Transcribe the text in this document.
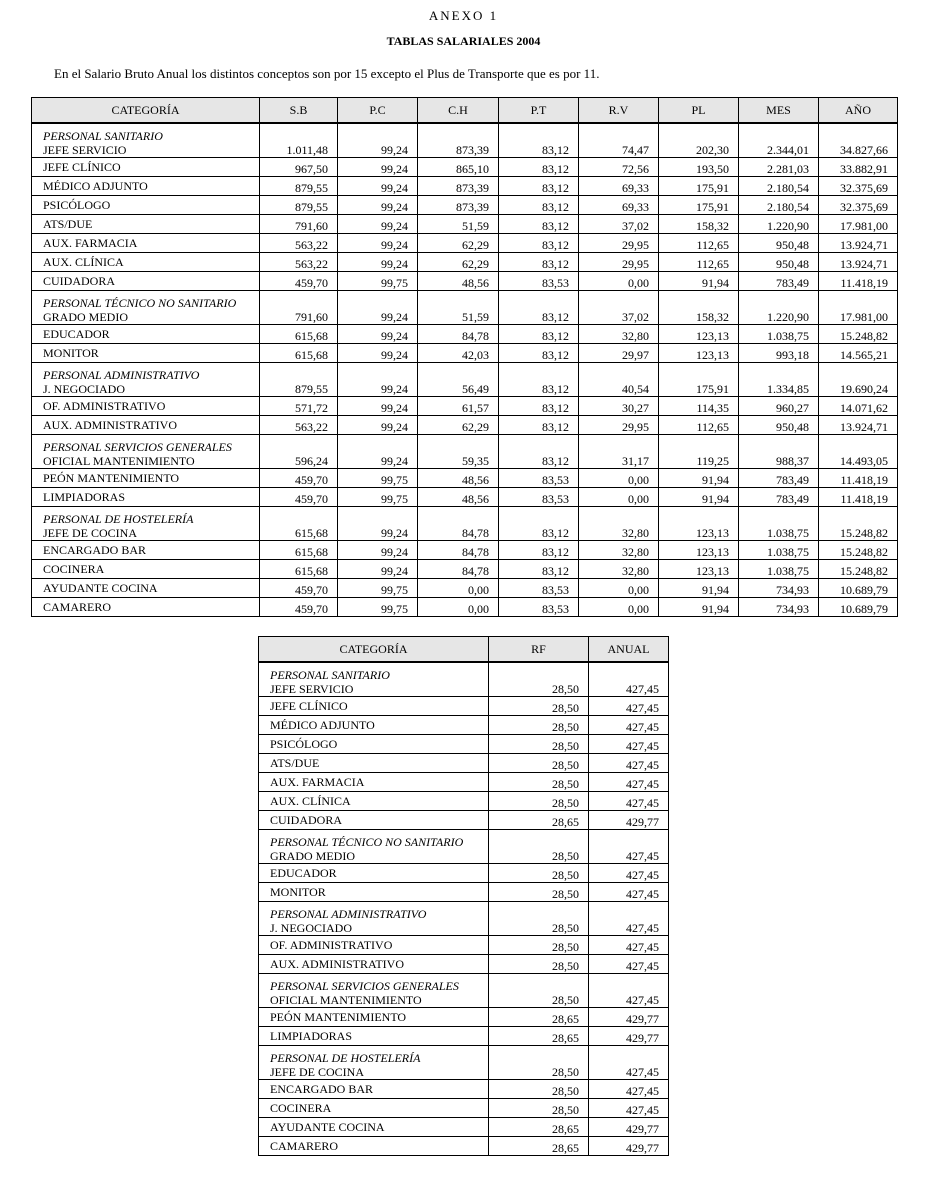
ANEXO 1
TABLAS SALARIALES 2004
En el Salario Bruto Anual los distintos conceptos son por 15 excepto el Plus de Transporte que es por 11.
CATEGORÍA	S.B	P.C	C.H	P.T	R.V	PL	MES	AÑO

PERSONAL SANITARIO
JEFE SERVICIO	1.011,48	99,24	873,39	83,12	74,47	202,30	2.344,01	34.827,66
JEFE CLÍNICO	967,50	99,24	865,10	83,12	72,56	193,50	2.281,03	33.882,91
MÉDICO ADJUNTO	879,55	99,24	873,39	83,12	69,33	175,91	2.180,54	32.375,69
PSICÓLOGO	879,55	99,24	873,39	83,12	69,33	175,91	2.180,54	32.375,69
ATS/DUE	791,60	99,24	51,59	83,12	37,02	158,32	1.220,90	17.981,00
AUX. FARMACIA	563,22	99,24	62,29	83,12	29,95	112,65	950,48	13.924,71
AUX. CLÍNICA	563,22	99,24	62,29	83,12	29,95	112,65	950,48	13.924,71
CUIDADORA	459,70	99,75	48,56	83,53	0,00	91,94	783,49	11.418,19

PERSONAL TÉCNICO NO SANITARIO
GRADO MEDIO	791,60	99,24	51,59	83,12	37,02	158,32	1.220,90	17.981,00
EDUCADOR	615,68	99,24	84,78	83,12	32,80	123,13	1.038,75	15.248,82
MONITOR	615,68	99,24	42,03	83,12	29,97	123,13	993,18	14.565,21

PERSONAL ADMINISTRATIVO
J. NEGOCIADO	879,55	99,24	56,49	83,12	40,54	175,91	1.334,85	19.690,24
OF. ADMINISTRATIVO	571,72	99,24	61,57	83,12	30,27	114,35	960,27	14.071,62
AUX. ADMINISTRATIVO	563,22	99,24	62,29	83,12	29,95	112,65	950,48	13.924,71

PERSONAL SERVICIOS GENERALES
OFICIAL MANTENIMIENTO	596,24	99,24	59,35	83,12	31,17	119,25	988,37	14.493,05
PEÓN MANTENIMIENTO	459,70	99,75	48,56	83,53	0,00	91,94	783,49	11.418,19
LIMPIADORAS	459,70	99,75	48,56	83,53	0,00	91,94	783,49	11.418,19

PERSONAL DE HOSTELERÍA
JEFE DE COCINA	615,68	99,24	84,78	83,12	32,80	123,13	1.038,75	15.248,82
ENCARGADO BAR	615,68	99,24	84,78	83,12	32,80	123,13	1.038,75	15.248,82
COCINERA	615,68	99,24	84,78	83,12	32,80	123,13	1.038,75	15.248,82
AYUDANTE COCINA	459,70	99,75	0,00	83,53	0,00	91,94	734,93	10.689,79
CAMARERO	459,70	99,75	0,00	83,53	0,00	91,94	734,93	10.689,79
CATEGORÍA	RF	ANUAL

PERSONAL SANITARIO
JEFE SERVICIO	28,50	427,45
JEFE CLÍNICO	28,50	427,45
MÉDICO ADJUNTO	28,50	427,45
PSICÓLOGO	28,50	427,45
ATS/DUE	28,50	427,45
AUX. FARMACIA	28,50	427,45
AUX. CLÍNICA	28,50	427,45
CUIDADORA	28,65	429,77

PERSONAL TÉCNICO NO SANITARIO
GRADO MEDIO	28,50	427,45
EDUCADOR	28,50	427,45
MONITOR	28,50	427,45

PERSONAL ADMINISTRATIVO
J. NEGOCIADO	28,50	427,45
OF. ADMINISTRATIVO	28,50	427,45
AUX. ADMINISTRATIVO	28,50	427,45

PERSONAL SERVICIOS GENERALES
OFICIAL MANTENIMIENTO	28,50	427,45
PEÓN MANTENIMIENTO	28,65	429,77
LIMPIADORAS	28,65	429,77

PERSONAL DE HOSTELERÍA
JEFE DE COCINA	28,50	427,45
ENCARGADO BAR	28,50	427,45
COCINERA	28,50	427,45
AYUDANTE COCINA	28,65	429,77
CAMARERO	28,65	429,77
